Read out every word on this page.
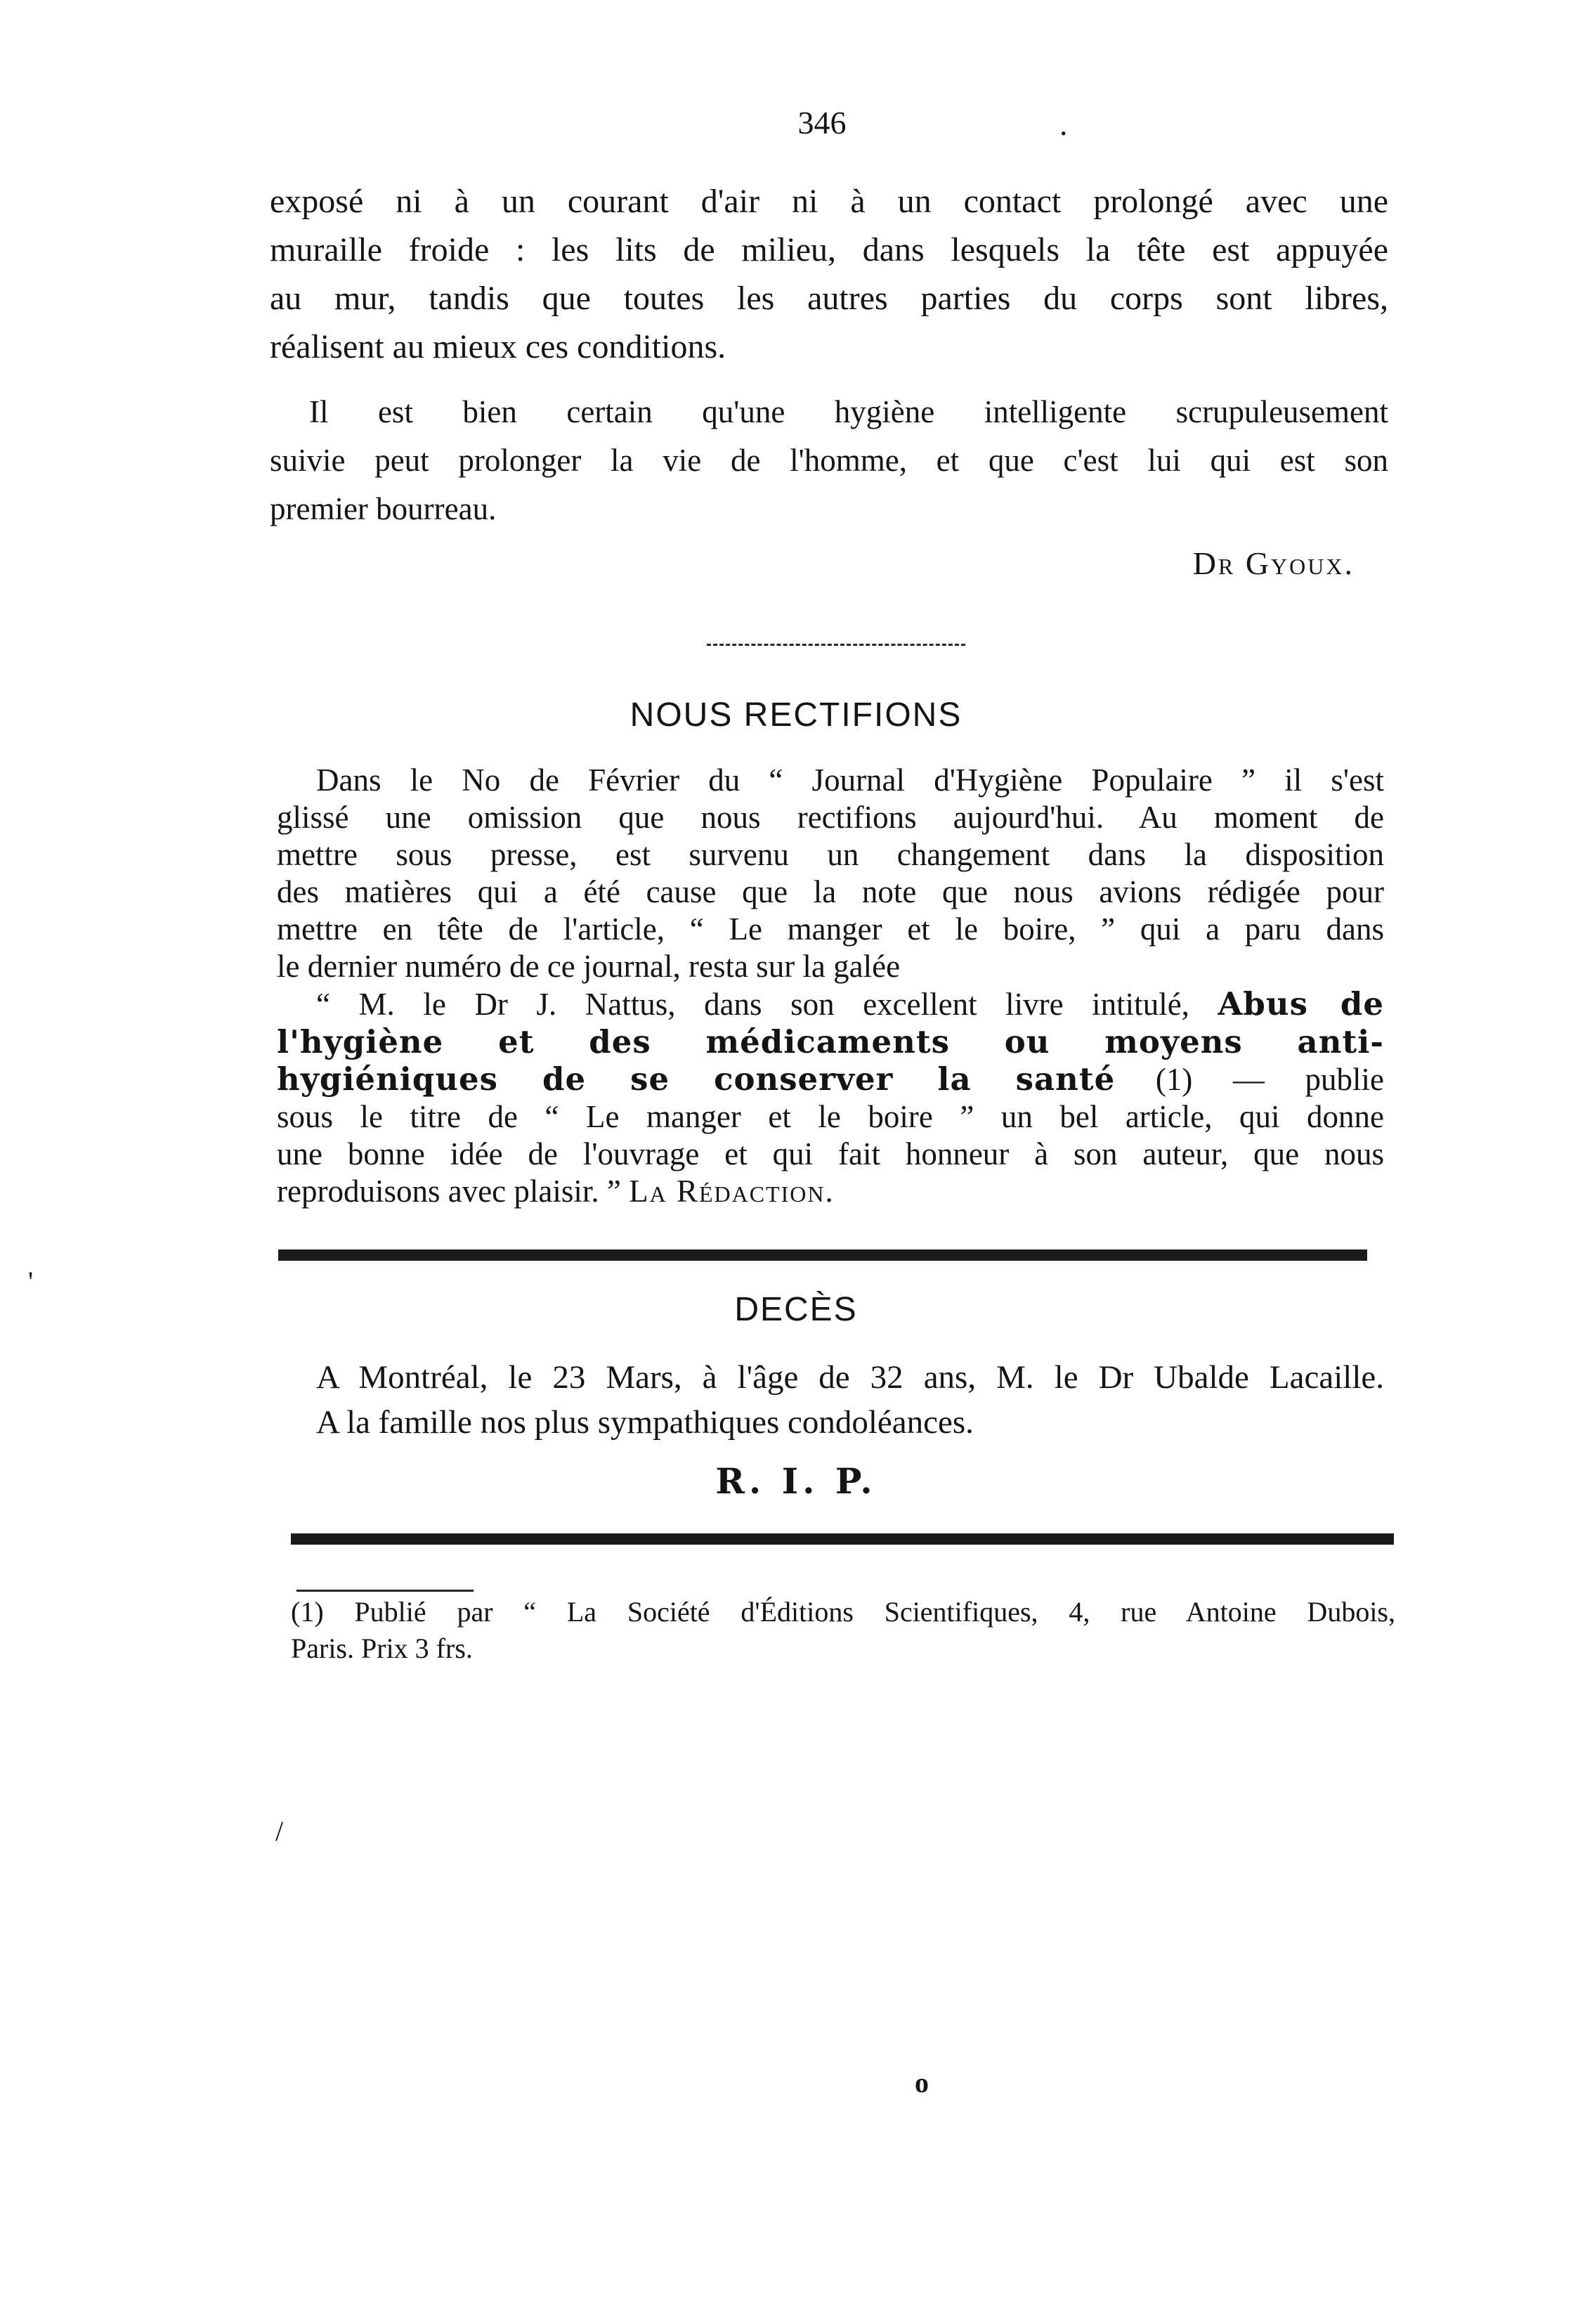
346	.
exposé ni à un courant d'air ni à un contact prolongé avec une
muraille froide : les lits de milieu, dans lesquels la tête est appuyée
au mur, tandis que toutes les autres parties du corps sont libres,
réalisent au mieux ces conditions.
Il est bien certain qu'une hygiène intelligente scrupuleusement
suivie peut prolonger la vie de l'homme, et que c'est lui qui est son
premier bourreau.
Dr Gyoux.
NOUS RECTIFIONS
Dans le No de Février du “ Journal d'Hygiène Populaire ” il s'est
glissé une omission que nous rectifions aujourd'hui. Au moment de
mettre sous presse, est survenu un changement dans la disposition
des matières qui a été cause que la note que nous avions rédigée pour
mettre en tête de l'article, “ Le manger et le boire, ” qui a paru dans
le dernier numéro de ce journal, resta sur la galée
“ M. le Dr J. Nattus, dans son excellent livre intitulé, Abus de
l'hygiène et des médicaments ou moyens anti-
hygiéniques de se conserver la santé (1) — publie
sous le titre de “ Le manger et le boire ” un bel article, qui donne
une bonne idée de l'ouvrage et qui fait honneur à son auteur, que nous
reproduisons avec plaisir. ” La Rédaction.
DECÈS
A Montréal, le 23 Mars, à l'âge de 32 ans, M. le Dr Ubalde Lacaille.
A la famille nos plus sympathiques condoléances.
R. I. P.
(1) Publié par “ La Société d'Éditions Scientifiques, 4, rue Antoine Dubois,
Paris. Prix 3 frs.
'
/
o
